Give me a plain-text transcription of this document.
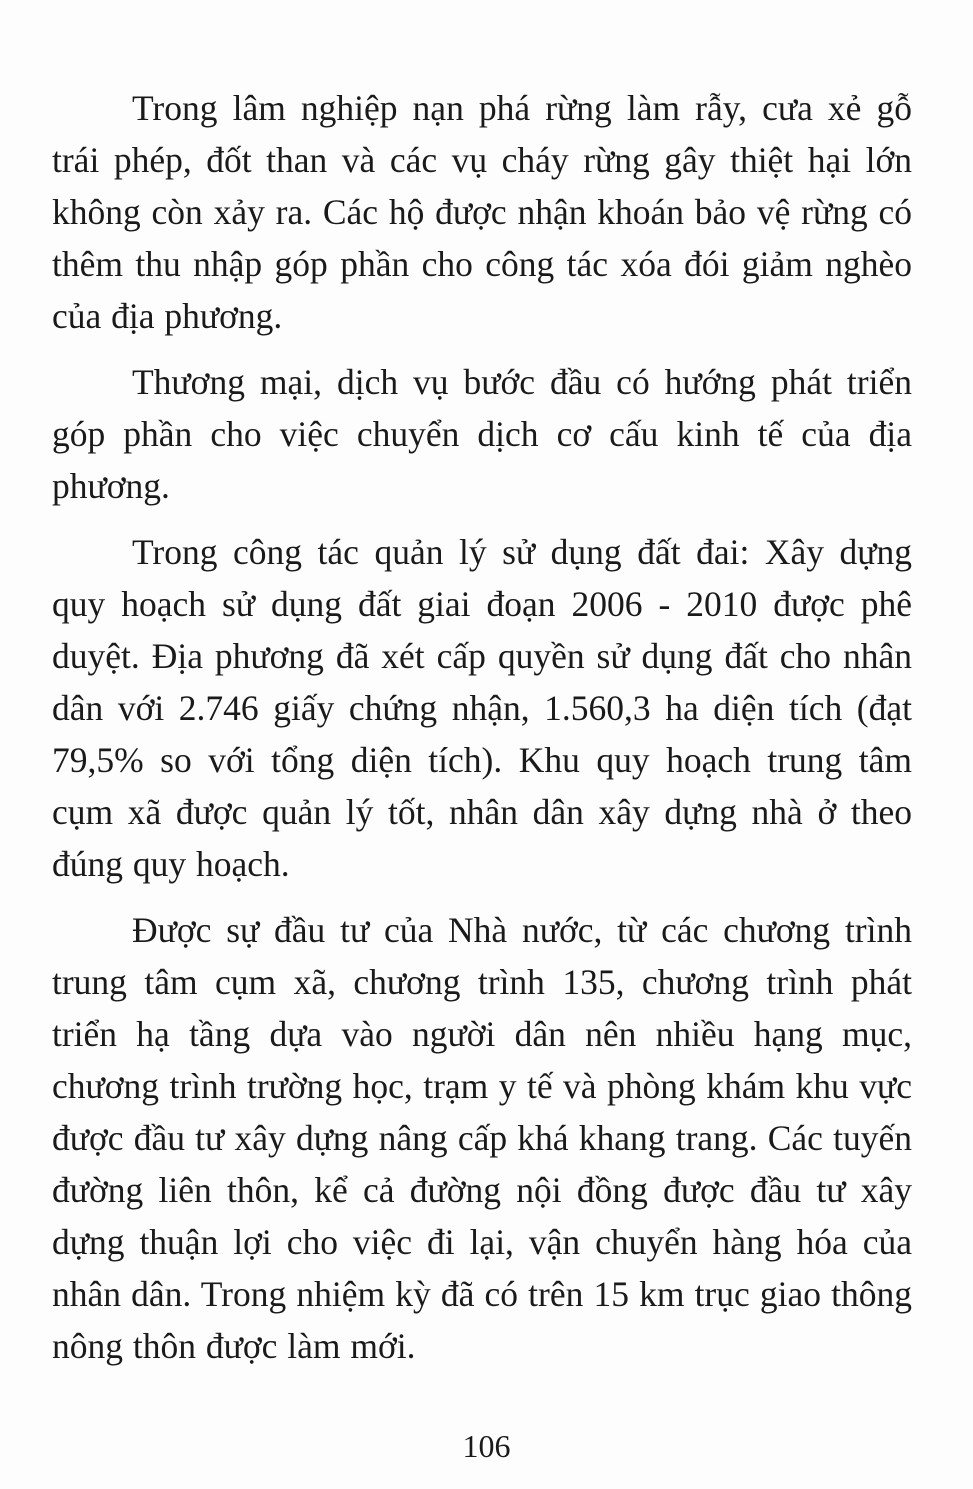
Trong lâm nghiệp nạn phá rừng làm rẫy, cưa xẻ gỗ trái phép, đốt than và các vụ cháy rừng gây thiệt hại lớn không còn xảy ra. Các hộ được nhận khoán bảo vệ rừng có thêm thu nhập góp phần cho công tác xóa đói giảm nghèo của địa phương.

Thương mại, dịch vụ bước đầu có hướng phát triển góp phần cho việc chuyển dịch cơ cấu kinh tế của địa phương.

Trong công tác quản lý sử dụng đất đai: Xây dựng quy hoạch sử dụng đất giai đoạn 2006 - 2010 được phê duyệt. Địa phương đã xét cấp quyền sử dụng đất cho nhân dân với 2.746 giấy chứng nhận, 1.560,3 ha diện tích (đạt 79,5% so với tổng diện tích). Khu quy hoạch trung tâm cụm xã được quản lý tốt, nhân dân xây dựng nhà ở theo đúng quy hoạch.

Được sự đầu tư của Nhà nước, từ các chương trình trung tâm cụm xã, chương trình 135, chương trình phát triển hạ tầng dựa vào người dân nên nhiều hạng mục, chương trình trường học, trạm y tế và phòng khám khu vực được đầu tư xây dựng nâng cấp khá khang trang. Các tuyến đường liên thôn, kể cả đường nội đồng được đầu tư xây dựng thuận lợi cho việc đi lại, vận chuyển hàng hóa của nhân dân. Trong nhiệm kỳ đã có trên 15 km trục giao thông nông thôn được làm mới.

106
